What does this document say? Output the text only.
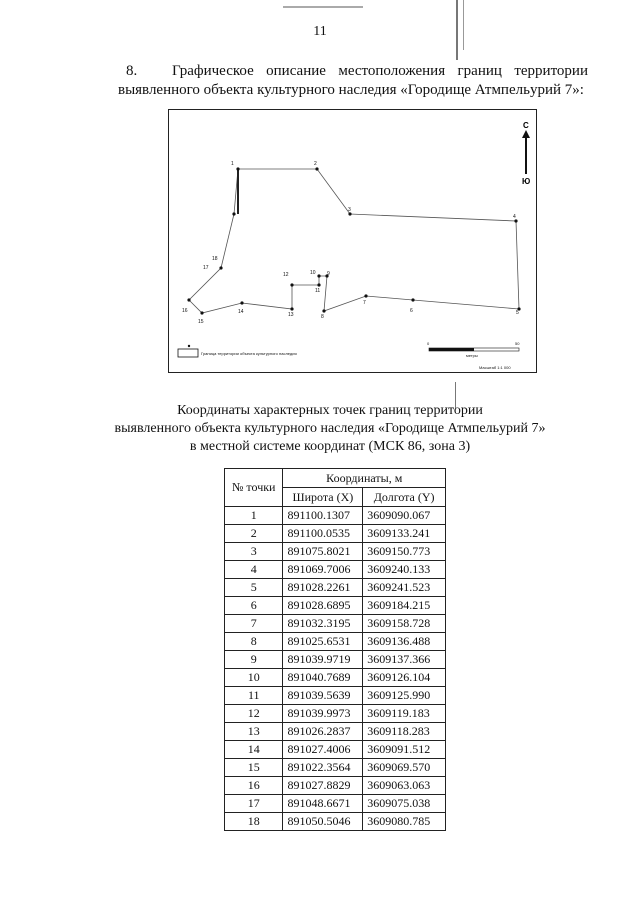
11
8. Графическое описание местоположения границ территории выявленного объекта культурного наследия «Городище Атмпельурий 7»:
1	2
3
4
5
6
7
8
9
10
11
12
13
14
15
16
17
18
С
Ю
0	50
метры
Масштаб 1:1 000
Граница территории объекта культурного наследия
Координаты характерных точек границ территории
выявленного объекта культурного наследия «Городище Атмпельурий 7»
в местной системе координат (МСК 86, зона 3)
№ точки	Координаты, м	
	Широта (X)	Долгота (Y)
1	891100.1307	3609090.067
2	891100.0535	3609133.241
3	891075.8021	3609150.773
4	891069.7006	3609240.133
5	891028.2261	3609241.523
6	891028.6895	3609184.215
7	891032.3195	3609158.728
8	891025.6531	3609136.488
9	891039.9719	3609137.366
10	891040.7689	3609126.104
11	891039.5639	3609125.990
12	891039.9973	3609119.183
13	891026.2837	3609118.283
14	891027.4006	3609091.512
15	891022.3564	3609069.570
16	891027.8829	3609063.063
17	891048.6671	3609075.038
18	891050.5046	3609080.785
